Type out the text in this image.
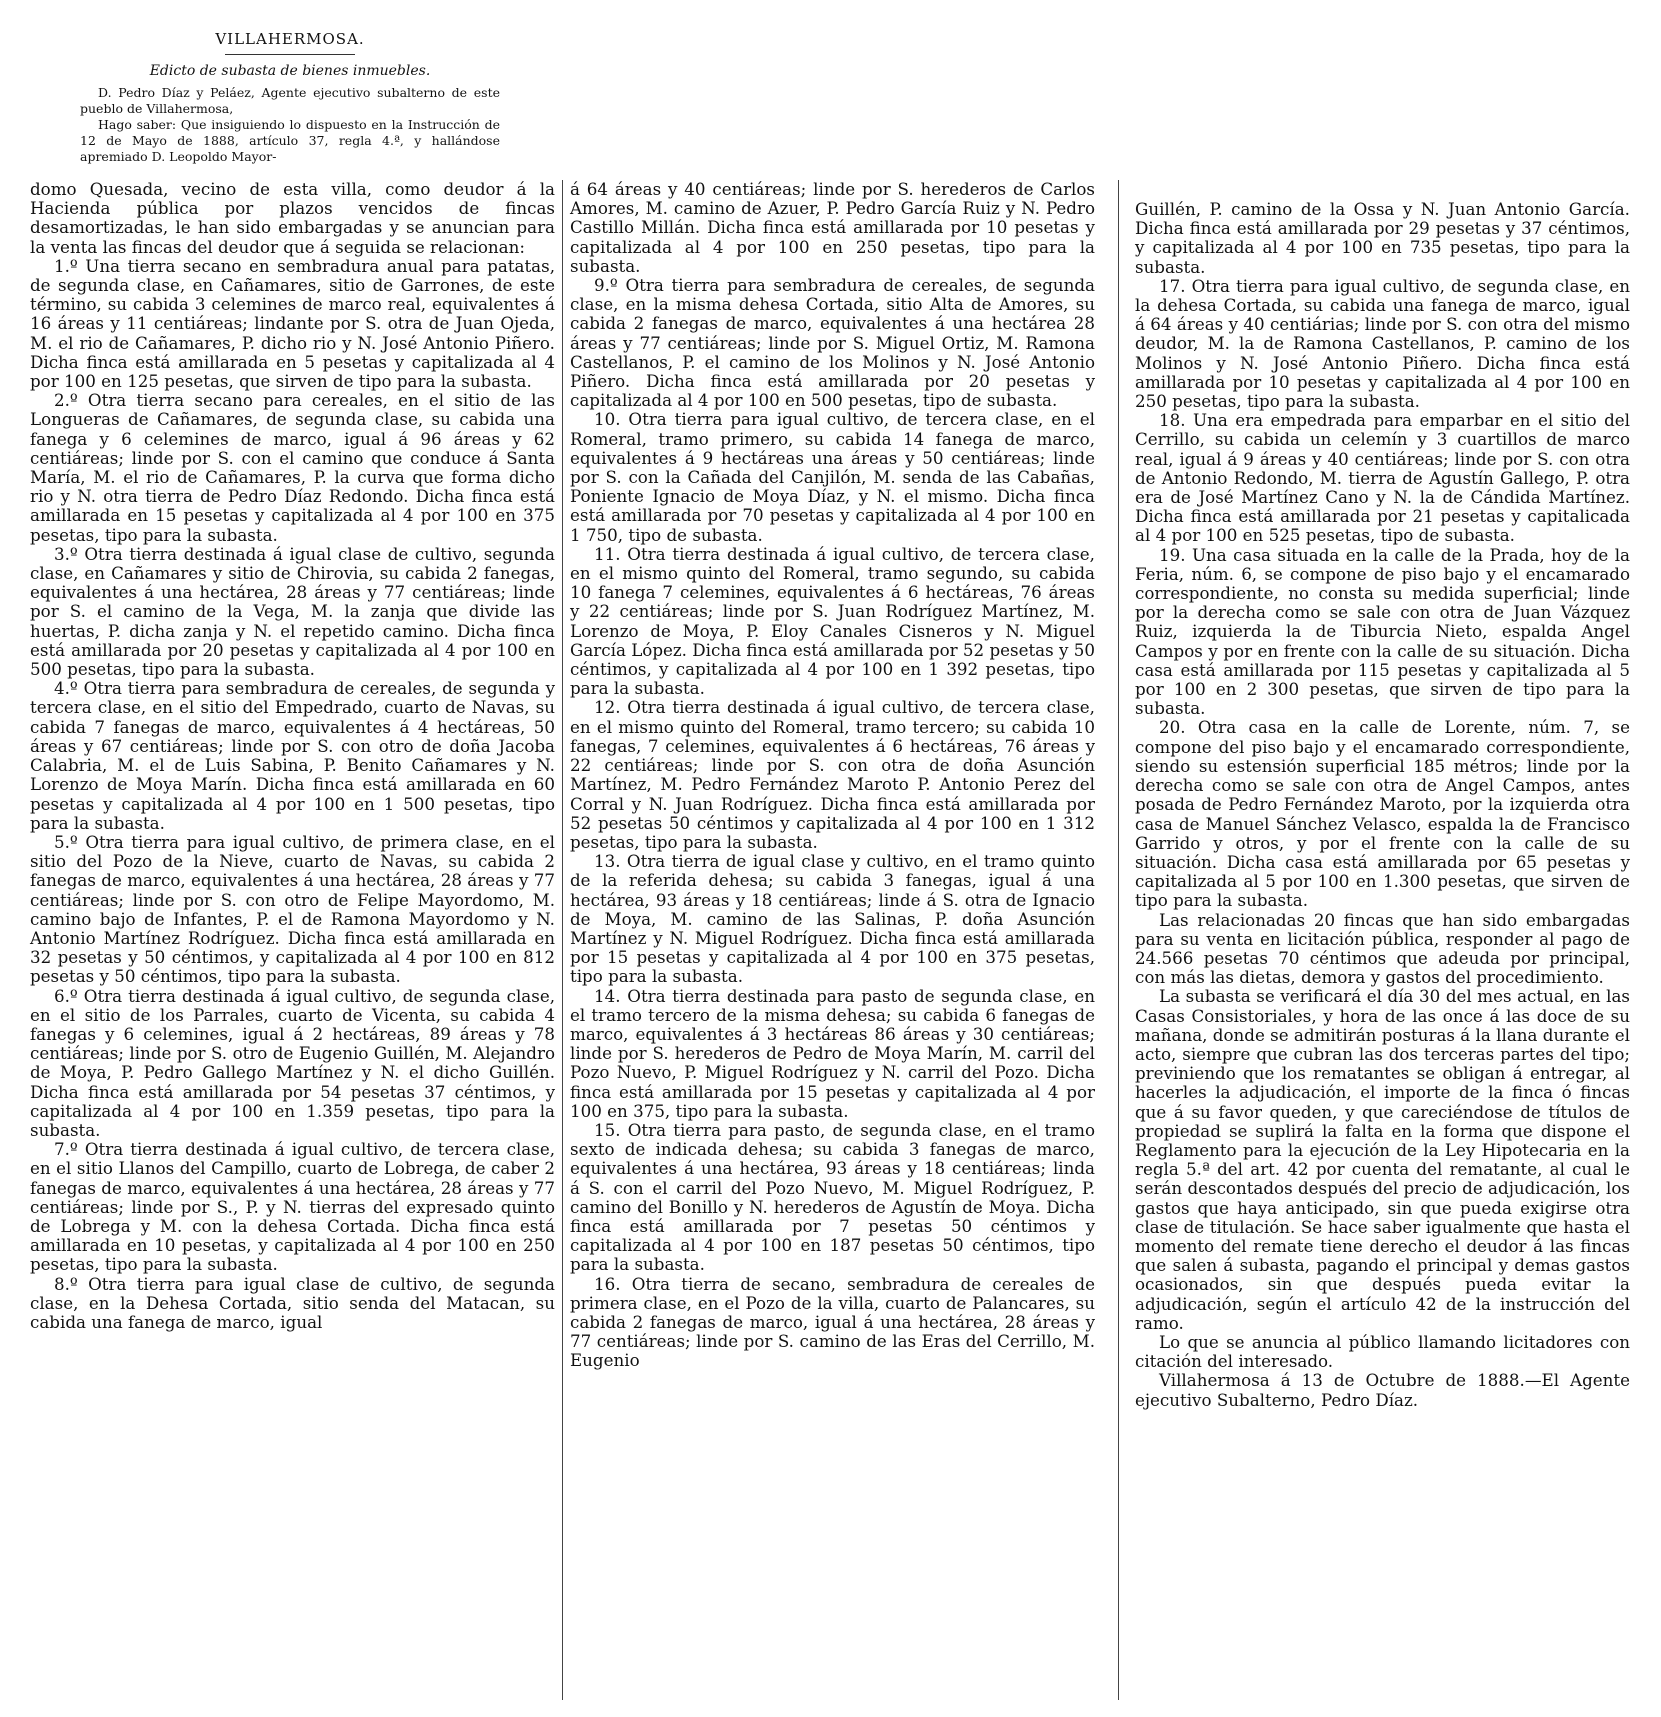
VILLAHERMOSA.

Edicto de subasta de bienes inmuebles.

D. Pedro Díaz y Peláez, Agente ejecutivo subalterno de este pueblo de Villahermosa,

Hago saber: Que insiguiendo lo dispuesto en la Instrucción de 12 de Mayo de 1888, artículo 37, regla 4.ª, y hallándose apremiado D. Leopoldo Mayor-

domo Quesada, vecino de esta villa, como deudor á la Hacienda pública por plazos vencidos de fincas desamortizadas, le han sido embargadas y se anuncian para la venta las fincas del deudor que á seguida se relacionan:

1.º Una tierra secano en sembradura anual para patatas, de segunda clase, en Cañamares, sitio de Garrones, de este término, su cabida 3 celemines de marco real, equivalentes á 16 áreas y 11 centiáreas; lindante por S. otra de Juan Ojeda, M. el rio de Cañamares, P. dicho rio y N. José Antonio Piñero. Dicha finca está amillarada en 5 pesetas y capitalizada al 4 por 100 en 125 pesetas, que sirven de tipo para la subasta.

2.º Otra tierra secano para cereales, en el sitio de las Longueras de Cañamares, de segunda clase, su cabida una fanega y 6 celemines de marco, igual á 96 áreas y 62 centiáreas; linde por S. con el camino que conduce á Santa María, M. el rio de Cañamares, P. la curva que forma dicho rio y N. otra tierra de Pedro Díaz Redondo. Dicha finca está amillarada en 15 pesetas y capitalizada al 4 por 100 en 375 pesetas, tipo para la subasta.

3.º Otra tierra destinada á igual clase de cultivo, segunda clase, en Cañamares y sitio de Chirovia, su cabida 2 fanegas, equivalentes á una hectárea, 28 áreas y 77 centiáreas; linde por S. el camino de la Vega, M. la zanja que divide las huertas, P. dicha zanja y N. el repetido camino. Dicha finca está amillarada por 20 pesetas y capitalizada al 4 por 100 en 500 pesetas, tipo para la subasta.

4.º Otra tierra para sembradura de cereales, de segunda y tercera clase, en el sitio del Empedrado, cuarto de Navas, su cabida 7 fanegas de marco, equivalentes á 4 hectáreas, 50 áreas y 67 centiáreas; linde por S. con otro de doña Jacoba Calabria, M. el de Luis Sabina, P. Benito Cañamares y N. Lorenzo de Moya Marín. Dicha finca está amillarada en 60 pesetas y capitalizada al 4 por 100 en 1 500 pesetas, tipo para la subasta.

5.º Otra tierra para igual cultivo, de primera clase, en el sitio del Pozo de la Nieve, cuarto de Navas, su cabida 2 fanegas de marco, equivalentes á una hectárea, 28 áreas y 77 centiáreas; linde por S. con otro de Felipe Mayordomo, M. camino bajo de Infantes, P. el de Ramona Mayordomo y N. Antonio Martínez Rodríguez. Dicha finca está amillarada en 32 pesetas y 50 céntimos, y capitalizada al 4 por 100 en 812 pesetas y 50 céntimos, tipo para la subasta.

6.º Otra tierra destinada á igual cultivo, de segunda clase, en el sitio de los Parrales, cuarto de Vicenta, su cabida 4 fanegas y 6 celemines, igual á 2 hectáreas, 89 áreas y 78 centiáreas; linde por S. otro de Eugenio Guillén, M. Alejandro de Moya, P. Pedro Gallego Martínez y N. el dicho Guillén. Dicha finca está amillarada por 54 pesetas 37 céntimos, y capitalizada al 4 por 100 en 1.359 pesetas, tipo para la subasta.

7.º Otra tierra destinada á igual cultivo, de tercera clase, en el sitio Llanos del Campillo, cuarto de Lobrega, de caber 2 fanegas de marco, equivalentes á una hectárea, 28 áreas y 77 centiáreas; linde por S., P. y N. tierras del expresado quinto de Lobrega y M. con la dehesa Cortada. Dicha finca está amillarada en 10 pesetas, y capitalizada al 4 por 100 en 250 pesetas, tipo para la subasta.

8.º Otra tierra para igual clase de cultivo, de segunda clase, en la Dehesa Cortada, sitio senda del Matacan, su cabida una fanega de marco, igual

á 64 áreas y 40 centiáreas; linde por S. herederos de Carlos Amores, M. camino de Azuer, P. Pedro García Ruiz y N. Pedro Castillo Millán. Dicha finca está amillarada por 10 pesetas y capitalizada al 4 por 100 en 250 pesetas, tipo para la subasta.

9.º Otra tierra para sembradura de cereales, de segunda clase, en la misma dehesa Cortada, sitio Alta de Amores, su cabida 2 fanegas de marco, equivalentes á una hectárea 28 áreas y 77 centiáreas; linde por S. Miguel Ortiz, M. Ramona Castellanos, P. el camino de los Molinos y N. José Antonio Piñero. Dicha finca está amillarada por 20 pesetas y capitalizada al 4 por 100 en 500 pesetas, tipo de subasta.

10. Otra tierra para igual cultivo, de tercera clase, en el Romeral, tramo primero, su cabida 14 fanega de marco, equivalentes á 9 hectáreas una áreas y 50 centiáreas; linde por S. con la Cañada del Canjilón, M. senda de las Cabañas, Poniente Ignacio de Moya Díaz, y N. el mismo. Dicha finca está amillarada por 70 pesetas y capitalizada al 4 por 100 en 1 750, tipo de subasta.

11. Otra tierra destinada á igual cultivo, de tercera clase, en el mismo quinto del Romeral, tramo segundo, su cabida 10 fanega 7 celemines, equivalentes á 6 hectáreas, 76 áreas y 22 centiáreas; linde por S. Juan Rodríguez Martínez, M. Lorenzo de Moya, P. Eloy Canales Cisneros y N. Miguel García López. Dicha finca está amillarada por 52 pesetas y 50 céntimos, y capitalizada al 4 por 100 en 1 392 pesetas, tipo para la subasta.

12. Otra tierra destinada á igual cultivo, de tercera clase, en el mismo quinto del Romeral, tramo tercero; su cabida 10 fanegas, 7 celemines, equivalentes á 6 hectáreas, 76 áreas y 22 centiáreas; linde por S. con otra de doña Asunción Martínez, M. Pedro Fernández Maroto P. Antonio Perez del Corral y N. Juan Rodríguez. Dicha finca está amillarada por 52 pesetas 50 céntimos y capitalizada al 4 por 100 en 1 312 pesetas, tipo para la subasta.

13. Otra tierra de igual clase y cultivo, en el tramo quinto de la referida dehesa; su cabida 3 fanegas, igual á una hectárea, 93 áreas y 18 centiáreas; linde á S. otra de Ignacio de Moya, M. camino de las Salinas, P. doña Asunción Martínez y N. Miguel Rodríguez. Dicha finca está amillarada por 15 pesetas y capitalizada al 4 por 100 en 375 pesetas, tipo para la subasta.

14. Otra tierra destinada para pasto de segunda clase, en el tramo tercero de la misma dehesa; su cabida 6 fanegas de marco, equivalentes á 3 hectáreas 86 áreas y 30 centiáreas; linde por S. herederos de Pedro de Moya Marín, M. carril del Pozo Nuevo, P. Miguel Rodríguez y N. carril del Pozo. Dicha finca está amillarada por 15 pesetas y capitalizada al 4 por 100 en 375, tipo para la subasta.

15. Otra tierra para pasto, de segunda clase, en el tramo sexto de indicada dehesa; su cabida 3 fanegas de marco, equivalentes á una hectárea, 93 áreas y 18 centiáreas; linda á S. con el carril del Pozo Nuevo, M. Miguel Rodríguez, P. camino del Bonillo y N. herederos de Agustín de Moya. Dicha finca está amillarada por 7 pesetas 50 céntimos y capitalizada al 4 por 100 en 187 pesetas 50 céntimos, tipo para la subasta.

16. Otra tierra de secano, sembradura de cereales de primera clase, en el Pozo de la villa, cuarto de Palancares, su cabida 2 fanegas de marco, igual á una hectárea, 28 áreas y 77 centiáreas; linde por S. camino de las Eras del Cerrillo, M. Eugenio

Guillén, P. camino de la Ossa y N. Juan Antonio García. Dicha finca está amillarada por 29 pesetas y 37 céntimos, y capitalizada al 4 por 100 en 735 pesetas, tipo para la subasta.

17. Otra tierra para igual cultivo, de segunda clase, en la dehesa Cortada, su cabida una fanega de marco, igual á 64 áreas y 40 centiárias; linde por S. con otra del mismo deudor, M. la de Ramona Castellanos, P. camino de los Molinos y N. José Antonio Piñero. Dicha finca está amillarada por 10 pesetas y capitalizada al 4 por 100 en 250 pesetas, tipo para la subasta.

18. Una era empedrada para emparbar en el sitio del Cerrillo, su cabida un celemín y 3 cuartillos de marco real, igual á 9 áreas y 40 centiáreas; linde por S. con otra de Antonio Redondo, M. tierra de Agustín Gallego, P. otra era de José Martínez Cano y N. la de Cándida Martínez. Dicha finca está amillarada por 21 pesetas y capitalicada al 4 por 100 en 525 pesetas, tipo de subasta.

19. Una casa situada en la calle de la Prada, hoy de la Feria, núm. 6, se compone de piso bajo y el encamarado correspondiente, no consta su medida superficial; linde por la derecha como se sale con otra de Juan Vázquez Ruiz, izquierda la de Tiburcia Nieto, espalda Angel Campos y por en frente con la calle de su situación. Dicha casa está amillarada por 115 pesetas y capitalizada al 5 por 100 en 2 300 pesetas, que sirven de tipo para la subasta.

20. Otra casa en la calle de Lorente, núm. 7, se compone del piso bajo y el encamarado correspondiente, siendo su estensión superficial 185 métros; linde por la derecha como se sale con otra de Angel Campos, antes posada de Pedro Fernández Maroto, por la izquierda otra casa de Manuel Sánchez Velasco, espalda la de Francisco Garrido y otros, y por el frente con la calle de su situación. Dicha casa está amillarada por 65 pesetas y capitalizada al 5 por 100 en 1.300 pesetas, que sirven de tipo para la subasta.

Las relacionadas 20 fincas que han sido embargadas para su venta en licitación pública, responder al pago de 24.566 pesetas 70 céntimos que adeuda por principal, con más las dietas, demora y gastos del procedimiento.

La subasta se verificará el día 30 del mes actual, en las Casas Consistoriales, y hora de las once á las doce de su mañana, donde se admitirán posturas á la llana durante el acto, siempre que cubran las dos terceras partes del tipo; previniendo que los rematantes se obligan á entregar, al hacerles la adjudicación, el importe de la finca ó fincas que á su favor queden, y que careciéndose de títulos de propiedad se suplirá la falta en la forma que dispone el Reglamento para la ejecución de la Ley Hipotecaria en la regla 5.ª del art. 42 por cuenta del rematante, al cual le serán descontados después del precio de adjudicación, los gastos que haya anticipado, sin que pueda exigirse otra clase de titulación. Se hace saber igualmente que hasta el momento del remate tiene derecho el deudor á las fincas que salen á subasta, pagando el principal y demas gastos ocasionados, sin que después pueda evitar la adjudicación, según el artículo 42 de la instrucción del ramo.

Lo que se anuncia al público llamando licitadores con citación del interesado.

Villahermosa á 13 de Octubre de 1888.—El Agente ejecutivo Subalterno, Pedro Díaz.
